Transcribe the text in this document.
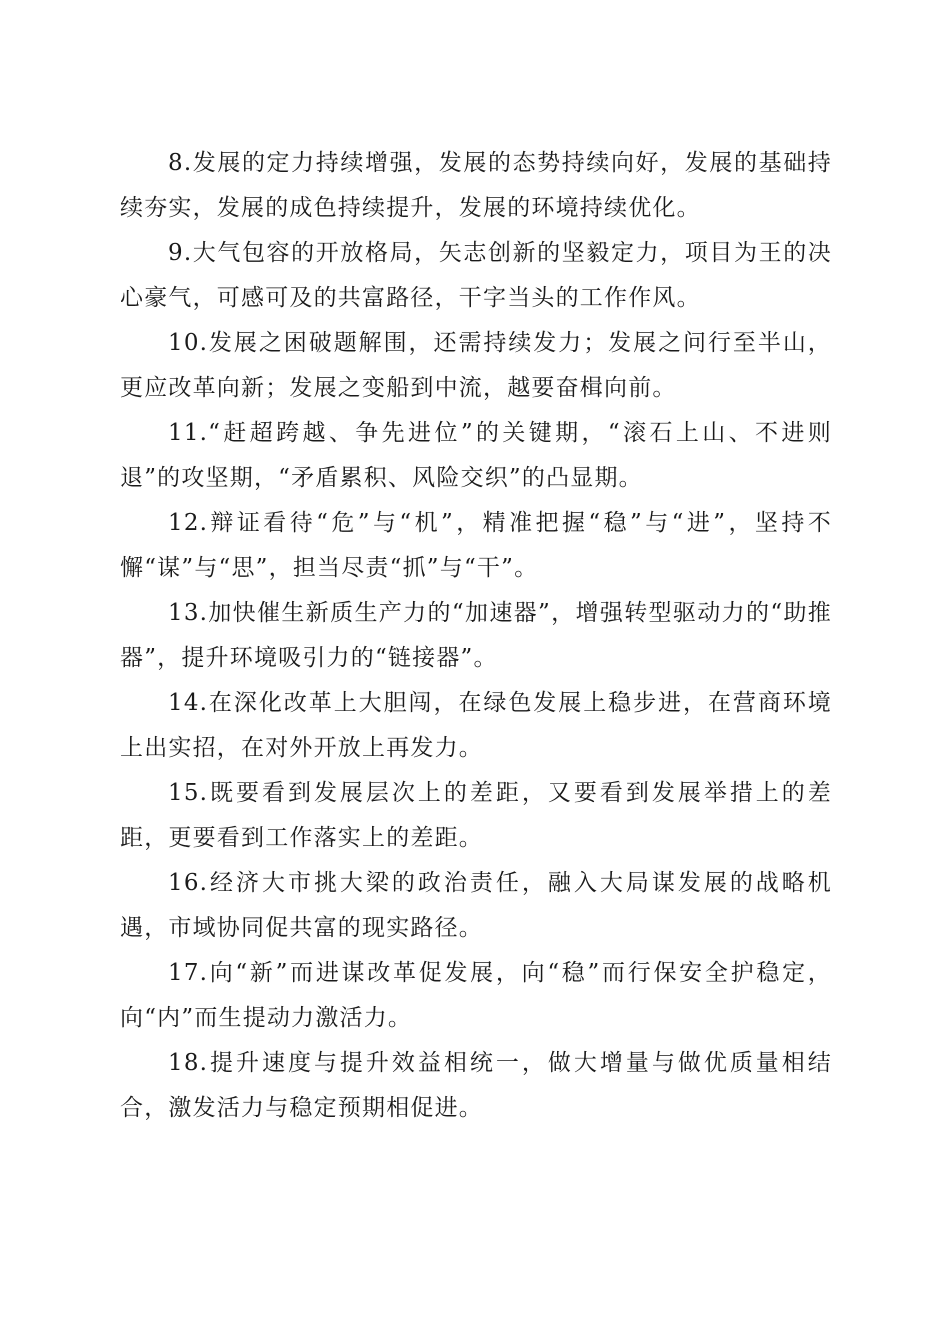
8.发展的定力持续增强，发展的态势持续向好，发展的基础持续夯实，发展的成色持续提升，发展的环境持续优化。

9.大气包容的开放格局，矢志创新的坚毅定力，项目为王的决心豪气，可感可及的共富路径，干字当头的工作作风。

10.发展之困破题解围，还需持续发力；发展之问行至半山，更应改革向新；发展之变船到中流，越要奋楫向前。

11.“赶超跨越、争先进位”的关键期，“滚石上山、不进则退”的攻坚期，“矛盾累积、风险交织”的凸显期。

12.辩证看待“危”与“机”，精准把握“稳”与“进”，坚持不懈“谋”与“思”，担当尽责“抓”与“干”。

13.加快催生新质生产力的“加速器”，增强转型驱动力的“助推器”，提升环境吸引力的“链接器”。

14.在深化改革上大胆闯，在绿色发展上稳步进，在营商环境上出实招，在对外开放上再发力。

15.既要看到发展层次上的差距，又要看到发展举措上的差距，更要看到工作落实上的差距。

16.经济大市挑大梁的政治责任，融入大局谋发展的战略机遇，市域协同促共富的现实路径。

17.向“新”而进谋改革促发展，向“稳”而行保安全护稳定，向“内”而生提动力激活力。

18.提升速度与提升效益相统一，做大增量与做优质量相结合，激发活力与稳定预期相促进。
